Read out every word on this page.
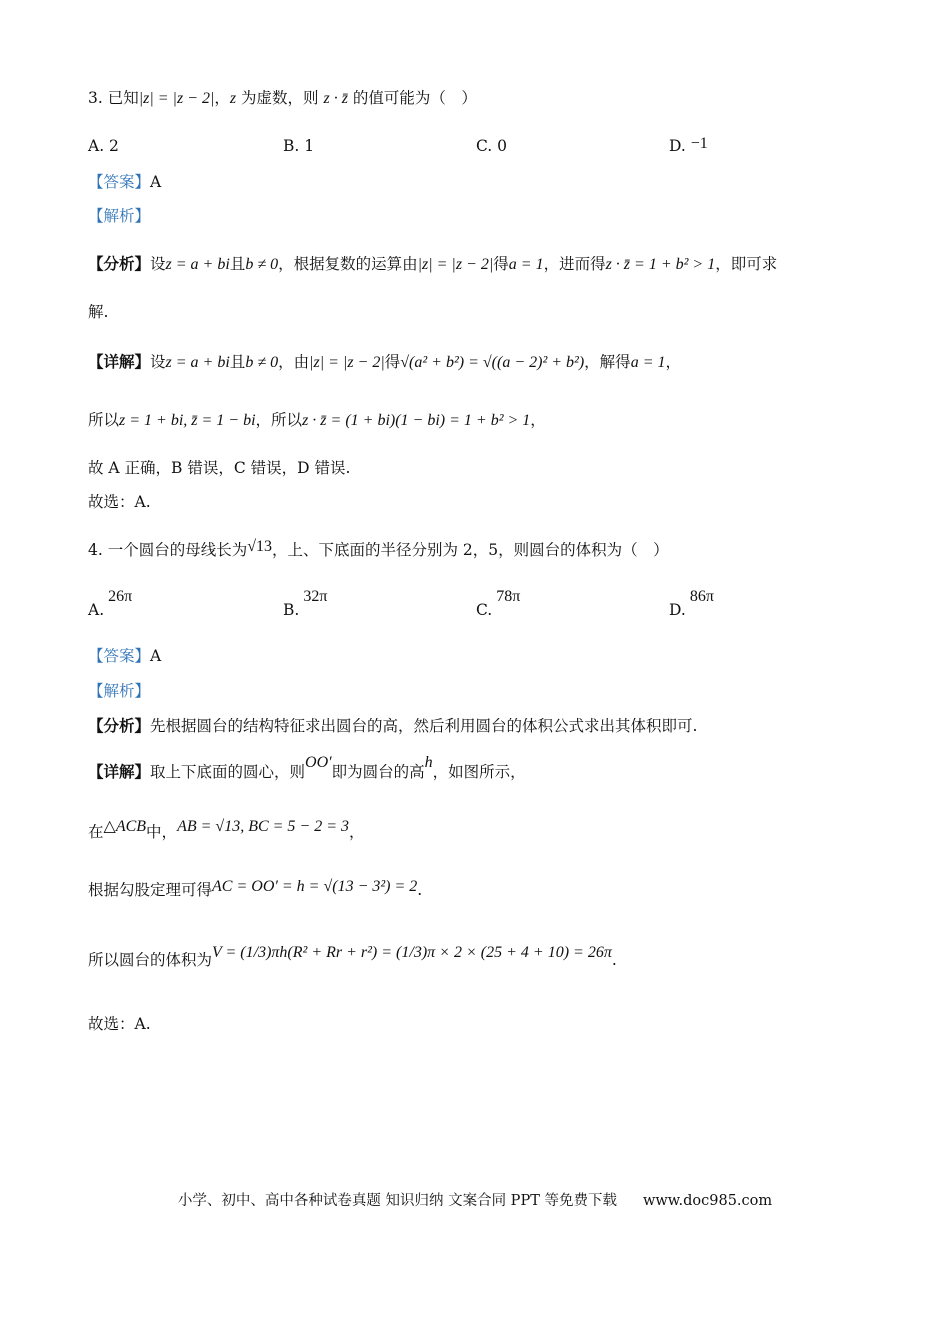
3. 已知|z| = |z − 2|，z 为虚数，则 z · z̄ 的值可能为（　）
A. 2	B. 1	C. 0	D. −1
【答案】A
【解析】
【分析】设z = a + bi且b ≠ 0，根据复数的运算由|z| = |z − 2|得a = 1，进而得z · z̄ = 1 + b² > 1，即可求
解.
【详解】设z = a + bi且b ≠ 0，由|z| = |z − 2|得√(a² + b²) = √((a − 2)² + b²)，解得a = 1，
所以z = 1 + bi, z̄ = 1 − bi，所以z · z̄ = (1 + bi)(1 − bi) = 1 + b² > 1，
故 A 正确，B 错误，C 错误，D 错误.
故选：A.
4. 一个圆台的母线长为√13，上、下底面的半径分别为 2，5，则圆台的体积为（　）
A.26π
B.32π
C.78π
D.86π
【答案】A
【解析】
【分析】先根据圆台的结构特征求出圆台的高，然后利用圆台的体积公式求出其体积即可.
【详解】取上下底面的圆心，则OO′即为圆台的高h，如图所示，
在△ACB中，AB = √13, BC = 5 − 2 = 3，
根据勾股定理可得AC = OO′ = h = √(13 − 3²) = 2.
所以圆台的体积为V = (1/3)πh(R² + Rr + r²) = (1/3)π × 2 × (25 + 4 + 10) = 26π.
故选：A.
小学、初中、高中各种试卷真题 知识归纳 文案合同 PPT 等免费下载 www.doc985.com
